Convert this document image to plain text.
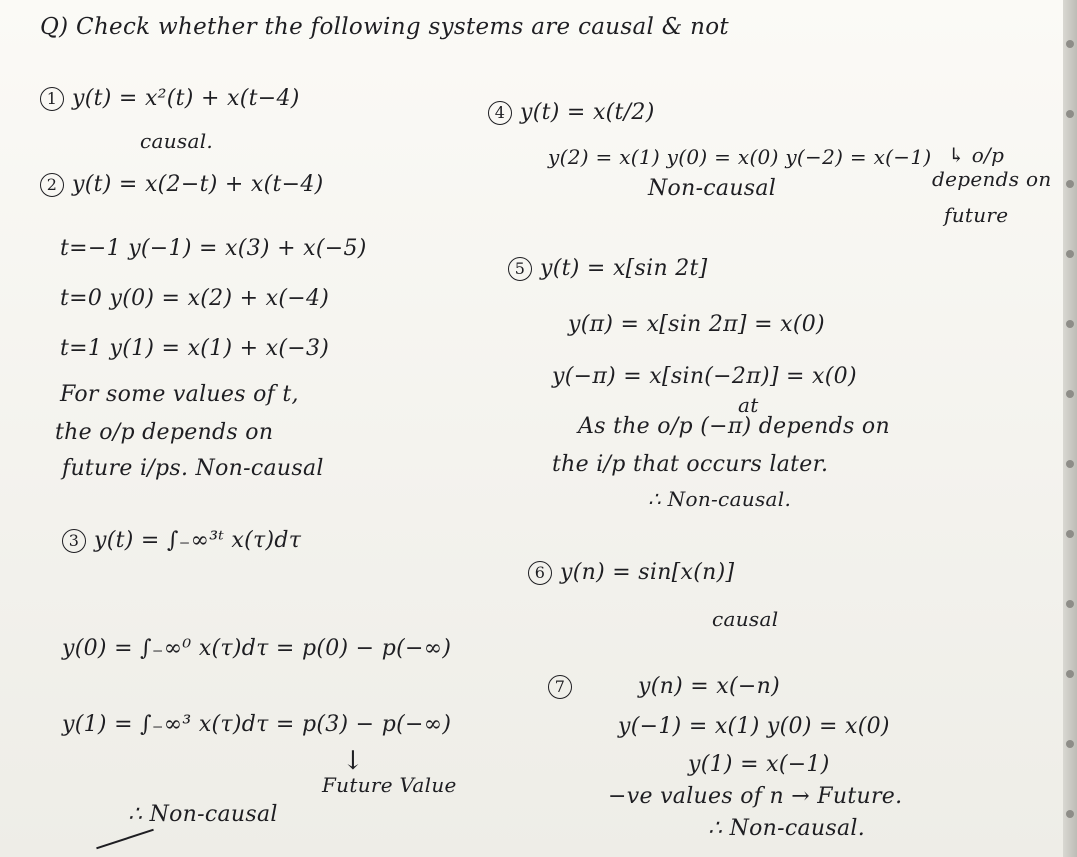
Q) Check whether the following systems are causal & not
1 y(t) = x²(t) + x(t−4)
causal.
2 y(t) = x(2−t) + x(t−4)
t=−1 y(−1) = x(3) + x(−5)
t=0 y(0) = x(2) + x(−4)
t=1 y(1) = x(1) + x(−3)
For some values of t,
the o/p depends on
future i/ps. Non-causal
3 y(t) = ∫₋∞³ᵗ x(τ)dτ
y(0) = ∫₋∞⁰ x(τ)dτ = p(0) − p(−∞)
y(1) = ∫₋∞³ x(τ)dτ = p(3) − p(−∞)
↓
Future Value
∴ Non-causal
4 y(t) = x(t/2)
y(2) = x(1) y(0) = x(0) y(−2) = x(−1)
Non-causal
↳ o/p
depends on
future
5 y(t) = x[sin 2t]
y(π) = x[sin 2π] = x(0)
y(−π) = x[sin(−2π)] = x(0)
at
As the o/p (−π) depends on
the i/p that occurs later.
∴ Non-causal.
6 y(n) = sin[x(n)]
causal
7	y(n) = x(−n)
y(−1) = x(1) y(0) = x(0)
y(1) = x(−1)
−ve values of n → Future.
∴ Non-causal.
